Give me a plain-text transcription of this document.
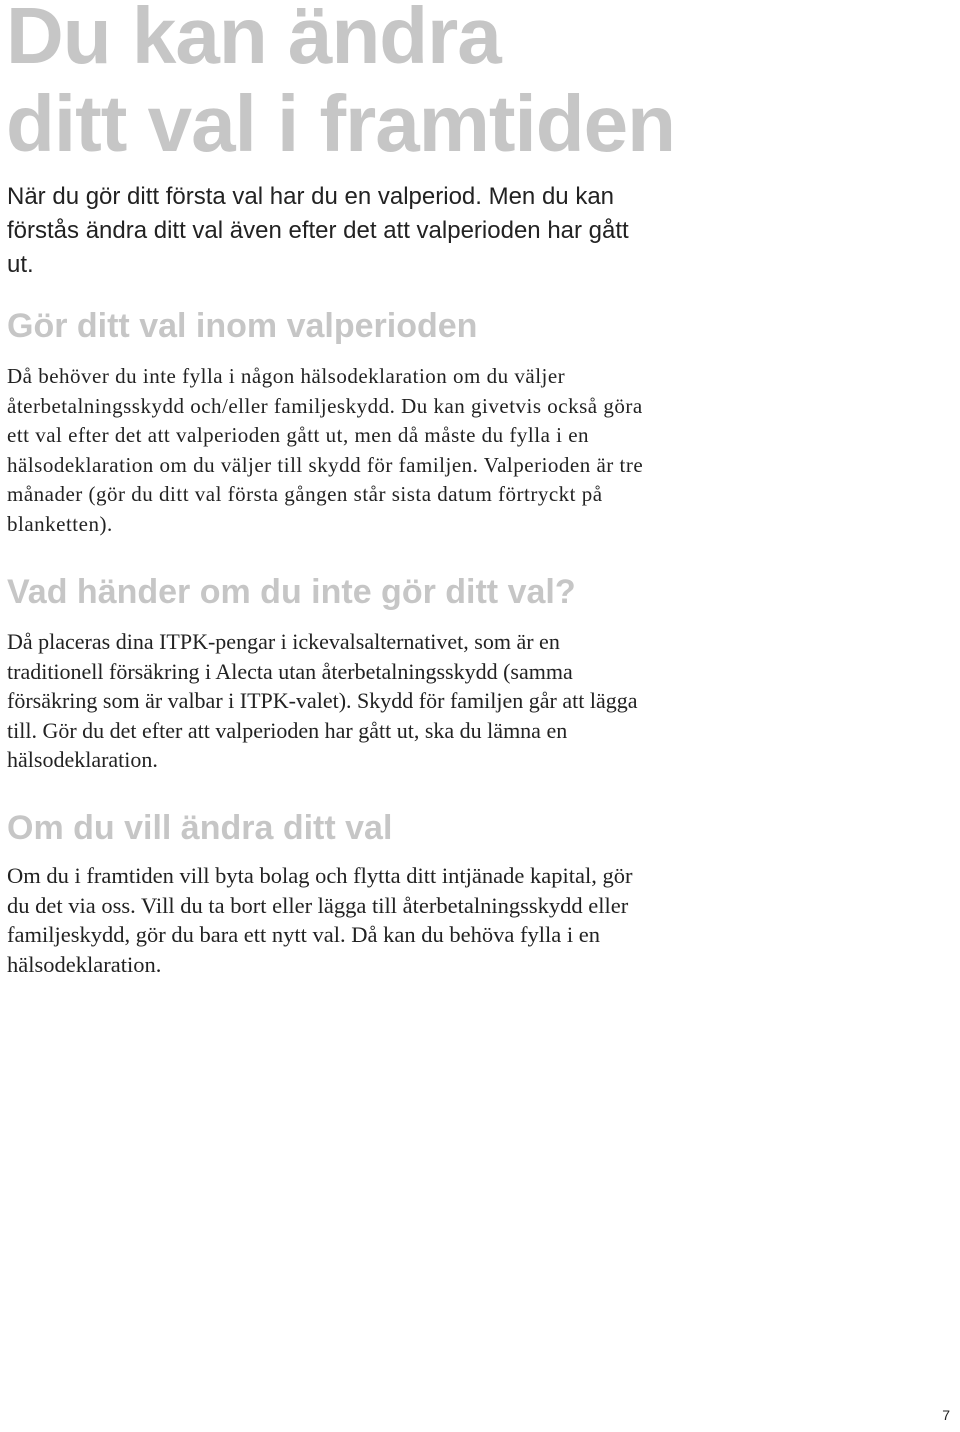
Du kan ändra
ditt val i framtiden

När du gör ditt första val har du en valperiod. Men du kan förstås ändra ditt val även efter det att valperioden har gått ut.

Gör ditt val inom valperioden

Då behöver du inte fylla i någon hälsodeklaration om du väljer återbetalningsskydd och/eller familjeskydd. Du kan givetvis också göra ett val efter det att valperioden gått ut, men då måste du fylla i en hälsodeklaration om du väljer till skydd för familjen. Valperioden är tre månader (gör du ditt val första gången står sista datum förtryckt på blanketten).

Vad händer om du inte gör ditt val?

Då placeras dina ITPK-pengar i ickevalsalternativet, som är en traditionell försäkring i Alecta utan återbetalningsskydd (samma försäkring som är valbar i ITPK-valet). Skydd för familjen går att lägga till. Gör du det efter att valperioden har gått ut, ska du lämna en hälsodeklaration.

Om du vill ändra ditt val

Om du i framtiden vill byta bolag och flytta ditt intjänade kapital, gör du det via oss. Vill du ta bort eller lägga till återbetalningsskydd eller familjeskydd, gör du bara ett nytt val. Då kan du behöva fylla i en hälsodeklaration.

7
